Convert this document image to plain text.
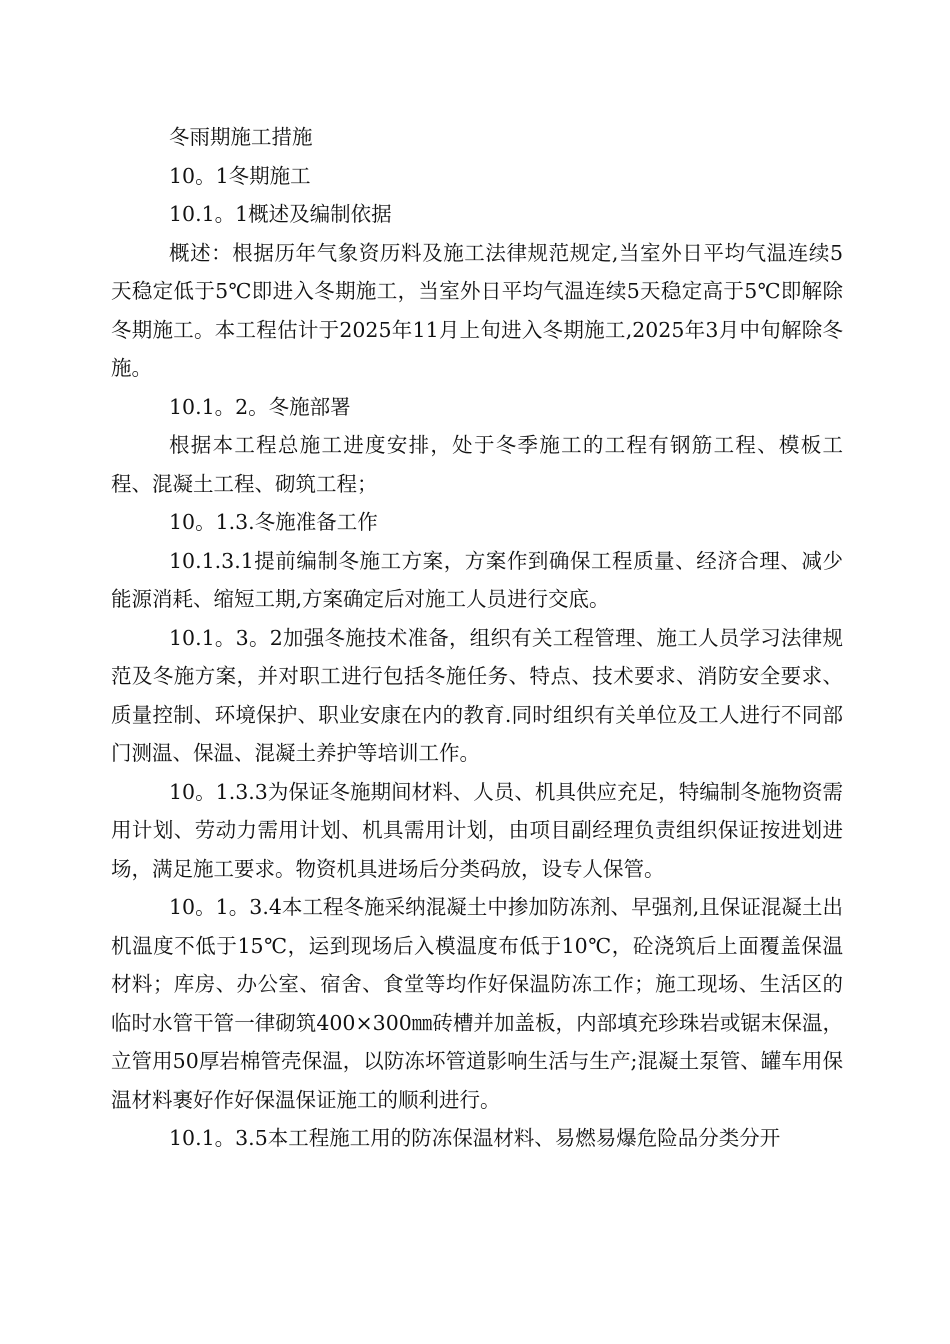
冬雨期施工措施

10。1冬期施工

10.1。1概述及编制依据

概述：根据历年气象资历料及施工法律规范规定,当室外日平均气温连续5天稳定低于5℃即进入冬期施工，当室外日平均气温连续5天稳定高于5℃即解除冬期施工。本工程估计于2025年11月上旬进入冬期施工,2025年3月中旬解除冬施。

10.1。2。冬施部署

根据本工程总施工进度安排，处于冬季施工的工程有钢筋工程、模板工程、混凝土工程、砌筑工程；

10。1.3.冬施准备工作

10.1.3.1提前编制冬施工方案，方案作到确保工程质量、经济合理、减少能源消耗、缩短工期,方案确定后对施工人员进行交底。

10.1。3。2加强冬施技术准备，组织有关工程管理、施工人员学习法律规范及冬施方案，并对职工进行包括冬施任务、特点、技术要求、消防安全要求、质量控制、环境保护、职业安康在内的教育.同时组织有关单位及工人进行不同部门测温、保温、混凝土养护等培训工作。

10。1.3.3为保证冬施期间材料、人员、机具供应充足，特编制冬施物资需用计划、劳动力需用计划、机具需用计划，由项目副经理负责组织保证按进划进场，满足施工要求。物资机具进场后分类码放，设专人保管。

10。1。3.4本工程冬施采纳混凝土中掺加防冻剂、早强剂,且保证混凝土出机温度不低于15℃，运到现场后入模温度布低于10℃，砼浇筑后上面覆盖保温材料；库房、办公室、宿舍、食堂等均作好保温防冻工作；施工现场、生活区的临时水管干管一律砌筑400×300㎜砖槽并加盖板，内部填充珍珠岩或锯末保温，立管用50厚岩棉管壳保温，以防冻坏管道影响生活与生产;混凝土泵管、罐车用保温材料裹好作好保温保证施工的顺利进行。

10.1。3.5本工程施工用的防冻保温材料、易燃易爆危险品分类分开
